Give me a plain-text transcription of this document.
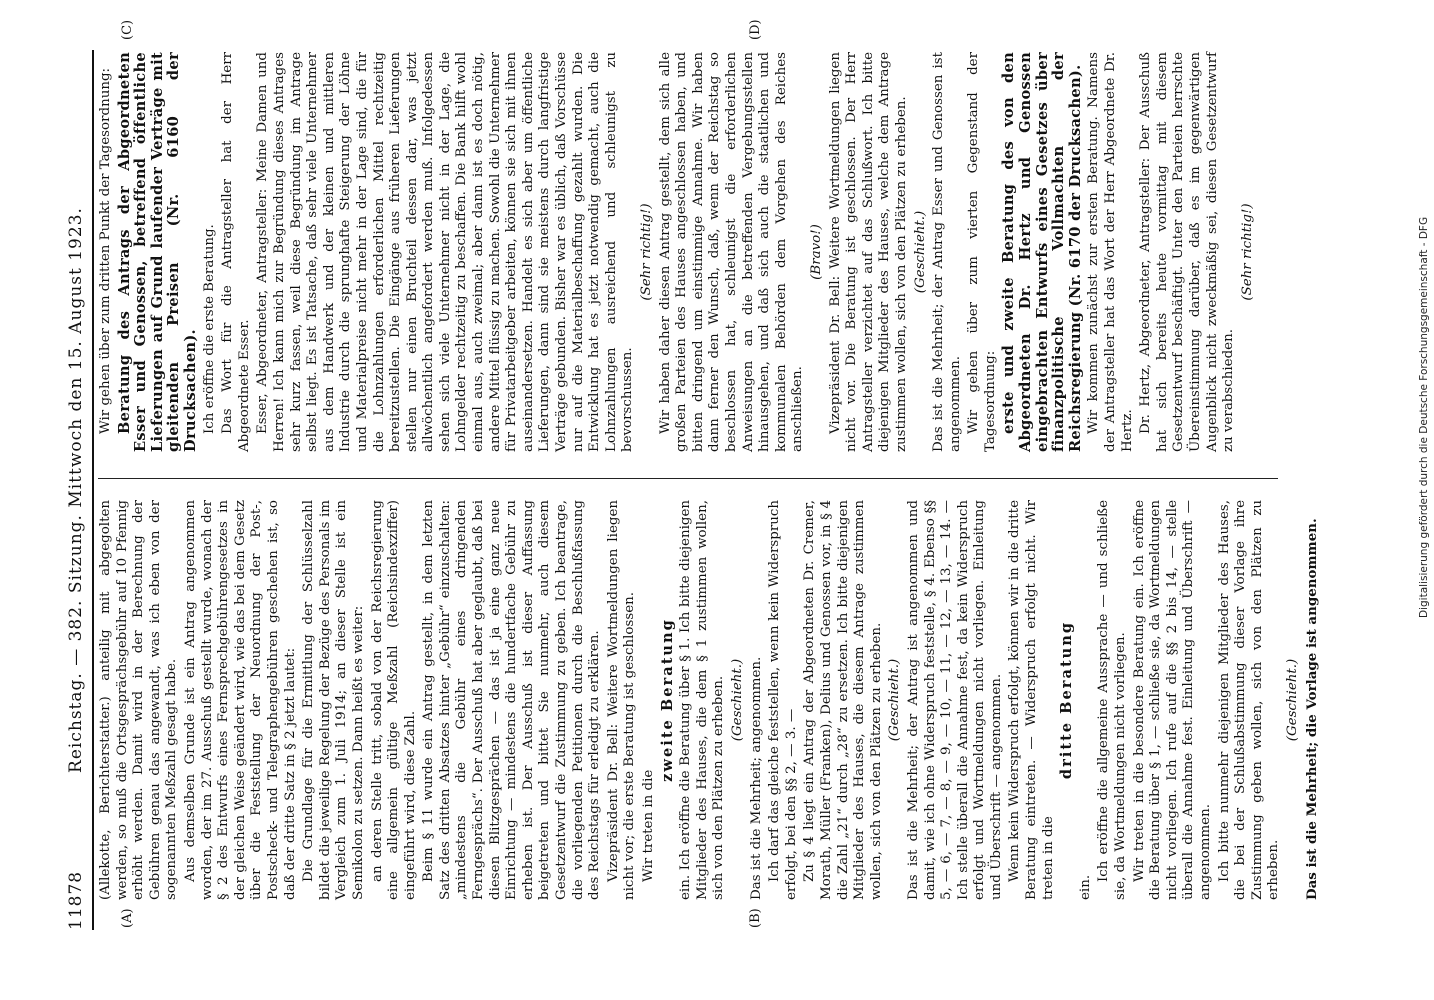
11878
Reichstag. — 382. Sitzung. Mittwoch den 15. August 1923.
(A)	(B)
(C)	(D)

(Allekotte, Berichterstatter.) anteilig mit abgegolten werden, so muß die Ortsgesprächsgebühr auf 10 Pfennig erhöht werden. Damit wird in der Berechnung der Gebühren genau das angewandt, was ich eben von der sogenannten Meßzahl gesagt habe. Aus demselben Grunde ist ein Antrag angenommen worden, der im 27. Ausschuß gestellt wurde, wonach der § 2 des Entwurfs eines Fernsprechgebührengesetzes in der gleichen Weise geändert wird, wie das bei dem Gesetz über die Feststellung der Neuordnung der Post-, Postscheck- und Telegraphengebühren geschehen ist, so daß der dritte Satz in § 2 jetzt lautet: Die Grundlage für die Ermittlung der Schlüsselzahl bildet die jeweilige Regelung der Bezüge des Personals im Vergleich zum 1. Juli 1914; an dieser Stelle ist ein Semikolon zu setzen. Dann heißt es weiter: an deren Stelle tritt, sobald von der Reichsregierung eine allgemein gültige Meßzahl (Reichsindexziffer) eingeführt wird, diese Zahl. Beim § 11 wurde ein Antrag gestellt, in dem letzten Satz des dritten Absatzes hinter „Gebühr“ einzuschalten: „mindestens die Gebühr eines dringenden Ferngesprächs“. Der Ausschuß hat aber geglaubt, daß bei diesen Blitzgesprächen — das ist ja eine ganz neue Einrichtung — mindestens die hundertfache Gebühr zu erheben ist. Der Ausschuß ist dieser Auffassung beigetreten und bittet Sie nunmehr, auch diesem Gesetzentwurf die Zustimmung zu geben. Ich beantrage, die vorliegenden Petitionen durch die Beschlußfassung des Reichstags für erledigt zu erklären. Vizepräsident Dr. Bell: Weitere Wortmeldungen liegen nicht vor; die erste Beratung ist geschlossen. Wir treten in die

zweite Beratung ein. Ich eröffne die Beratung über § 1. Ich bitte diejenigen Mitglieder des Hauses, die dem § 1 zustimmen wollen, sich von den Plätzen zu erheben. (Geschieht.) Das ist die Mehrheit; angenommen. Ich darf das gleiche feststellen, wenn kein Widerspruch erfolgt, bei den §§ 2, — 3. — Zu § 4 liegt ein Antrag der Abgeordneten Dr. Cremer, Morath, Müller (Franken), Delius und Genossen vor, in § 4 die Zahl „21“ durch „28“ zu ersetzen. Ich bitte diejenigen Mitglieder des Hauses, die diesem Antrage zustimmen wollen, sich von den Plätzen zu erheben. (Geschieht.) Das ist die Mehrheit; der Antrag ist angenommen und damit, wie ich ohne Widerspruch feststelle, § 4. Ebenso §§ 5, — 6, — 7, — 8, — 9, — 10, — 11, — 12, — 13, — 14. — Ich stelle überall die Annahme fest, da kein Widerspruch erfolgt und Wortmeldungen nicht vorliegen. Einleitung und Überschrift — angenommen. Wenn kein Widerspruch erfolgt, können wir in die dritte Beratung eintreten. — Widerspruch erfolgt nicht. Wir treten in die

dritte Beratung

ein.

Ich eröffne die allgemeine Aussprache — und schließe sie, da Wortmeldungen nicht vorliegen. Wir treten in die besondere Beratung ein. Ich eröffne die Beratung über § 1, — schließe sie, da Wortmeldungen nicht vorliegen. Ich rufe auf die §§ 2 bis 14, — stelle überall die Annahme fest. Einleitung und Überschrift — angenommen. Ich bitte nunmehr diejenigen Mitglieder des Hauses, die bei der Schlußabstimmung dieser Vorlage ihre Zustimmung geben wollen, sich von den Plätzen zu erheben.

(Geschieht.) Das ist die Mehrheit; die Vorlage ist angenommen.

Wir gehen über zum dritten Punkt der Tagesordnung: Beratung des Antrags der Abgeordneten Esser und Genossen, betreffend öffentliche Lieferungen auf Grund laufender Verträge mit gleitenden Preisen (Nr. 6160 der Drucksachen). Ich eröffne die erste Beratung. Das Wort für die Antragsteller hat der Herr Abgeordnete Esser. Esser, Abgeordneter, Antragsteller: Meine Damen und Herren! Ich kann mich zur Begründung dieses Antrages sehr kurz fassen, weil diese Begründung im Antrage selbst liegt. Es ist Tatsache, daß sehr viele Unternehmer aus dem Handwerk und der kleinen und mittleren Industrie durch die sprunghafte Steigerung der Löhne und Materialpreise nicht mehr in der Lage sind, die für die Lohnzahlungen erforderlichen Mittel rechtzeitig bereitzustellen. Die Eingänge aus früheren Lieferungen stellen nur einen Bruchteil dessen dar, was jetzt allwöchentlich angefordert werden muß. Infolgedessen sehen sich viele Unternehmer nicht in der Lage, die Lohngelder rechtzeitig zu beschaffen. Die Bank hilft wohl einmal aus, auch zweimal; aber dann ist es doch nötig, andere Mittel flüssig zu machen. Sowohl die Unternehmer für Privatarbeitgeber arbeiten, können sie sich mit ihnen auseinandersetzen. Handelt es sich aber um öffentliche Lieferungen, dann sind sie meistens durch langfristige Verträge gebunden. Bisher war es üblich, daß Vorschüsse nur auf die Materialbeschaffung gezahlt wurden. Die Entwicklung hat es jetzt notwendig gemacht, auch die Lohnzahlungen ausreichend und schleunigst zu bevorschussen.

(Sehr richtig!) Wir haben daher diesen Antrag gestellt, dem sich alle großen Parteien des Hauses angeschlossen haben, und bitten dringend um einstimmige Annahme. Wir haben dann ferner den Wunsch, daß, wenn der Reichstag so beschlossen hat, schleunigst die erforderlichen Anweisungen an die betreffenden Vergebungsstellen hinausgehen, und daß sich auch die staatlichen und kommunalen Behörden dem Vorgehen des Reiches anschließen.

(Bravo!) Vizepräsident Dr. Bell: Weitere Wortmeldungen liegen nicht vor. Die Beratung ist geschlossen. Der Herr Antragsteller verzichtet auf das Schlußwort. Ich bitte diejenigen Mitglieder des Hauses, welche dem Antrage zustimmen wollen, sich von den Plätzen zu erheben. (Geschieht.) Das ist die Mehrheit; der Antrag Esser und Genossen ist angenommen. Wir gehen über zum vierten Gegenstand der Tagesordnung: erste und zweite Beratung des von den Abgeordneten Dr. Hertz und Genossen eingebrachten Entwurfs eines Gesetzes über finanzpolitische Vollmachten der Reichsregierung (Nr. 6170 der Drucksachen). Wir kommen zunächst zur ersten Beratung. Namens der Antragsteller hat das Wort der Herr Abgeordnete Dr. Hertz. Dr. Hertz, Abgeordneter, Antragsteller: Der Ausschuß hat sich bereits heute vormittag mit diesem Gesetzentwurf beschäftigt. Unter den Parteien herrschte Übereinstimmung darüber, daß es im gegenwärtigen Augenblick nicht zweckmäßig sei, diesen Gesetzentwurf zu verabschieden.

(Sehr richtig!)	Digitalisierung gefördert durch die Deutsche Forschungsgemeinschaft - DFG
